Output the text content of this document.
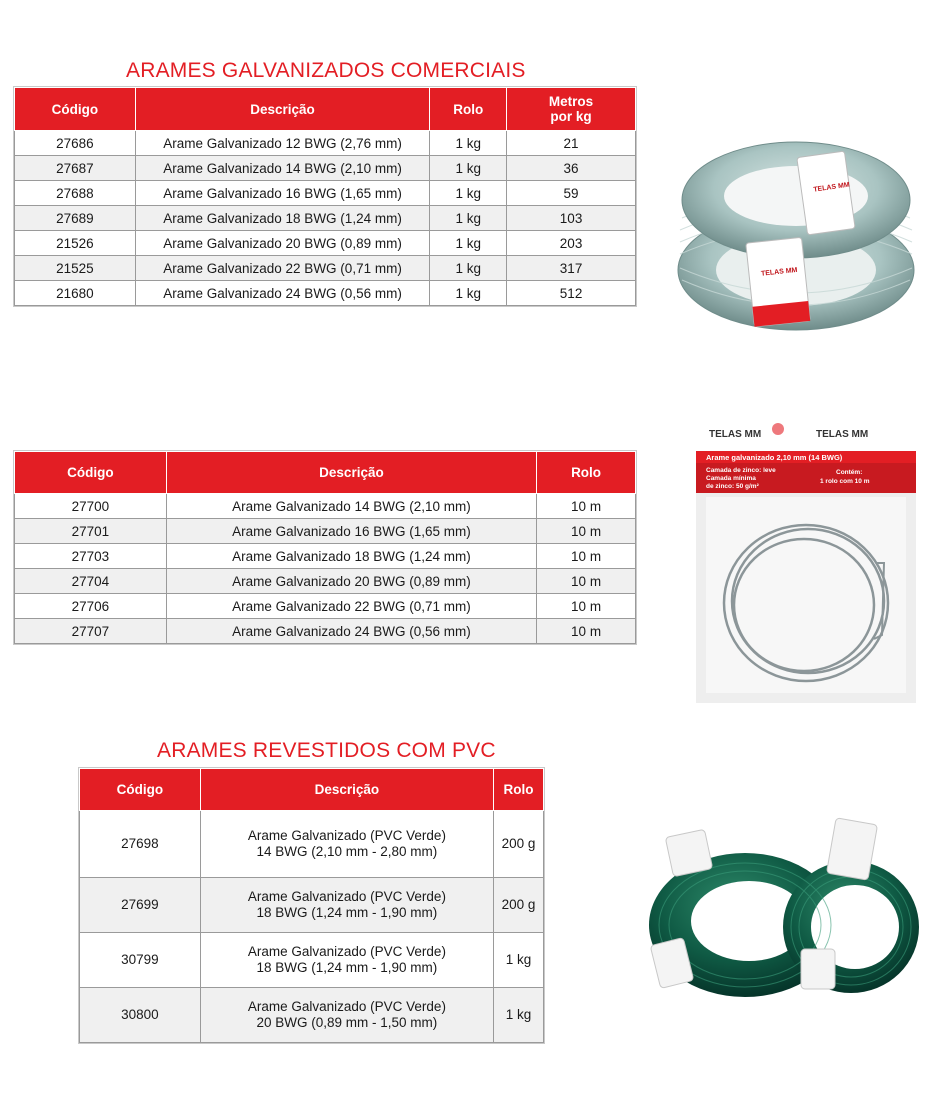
ARAMES GALVANIZADOS COMERCIAIS
Código	Descrição	Rolo	Metros por kg
27686	Arame Galvanizado 12 BWG (2,76 mm)	1 kg	21
27687	Arame Galvanizado 14 BWG (2,10 mm)	1 kg	36
27688	Arame Galvanizado 16 BWG (1,65 mm)	1 kg	59
27689	Arame Galvanizado 18 BWG (1,24 mm)	1 kg	103
21526	Arame Galvanizado 20 BWG (0,89 mm)	1 kg	203
21525	Arame Galvanizado 22 BWG (0,71 mm)	1 kg	317
21680	Arame Galvanizado 24 BWG (0,56 mm)	1 kg	512
TELAS MM
TELAS MM
Código	Descrição	Rolo
27700	Arame Galvanizado 14 BWG (2,10 mm)	10 m
27701	Arame Galvanizado 16 BWG (1,65 mm)	10 m
27703	Arame Galvanizado 18 BWG (1,24 mm)	10 m
27704	Arame Galvanizado 20 BWG (0,89 mm)	10 m
27706	Arame Galvanizado 22 BWG (0,71 mm)	10 m
27707	Arame Galvanizado 24 BWG (0,56 mm)	10 m
TELAS MM	TELAS MM
Arame galvanizado 2,10 mm (14 BWG)
Camada de zinco: leve
Camada mínima
de zinco: 50 g/m²
Contém:
1 rolo com 10 m
ARAMES REVESTIDOS COM PVC
Código	Descrição	Rolo
27698	Arame Galvanizado (PVC Verde)
14 BWG (2,10 mm - 2,80 mm)	200 g
27699	Arame Galvanizado (PVC Verde)
18 BWG (1,24 mm - 1,90 mm)	200 g
30799	Arame Galvanizado (PVC Verde)
18 BWG (1,24 mm - 1,90 mm)	1 kg
30800	Arame Galvanizado (PVC Verde)
20 BWG (0,89 mm - 1,50 mm)	1 kg
